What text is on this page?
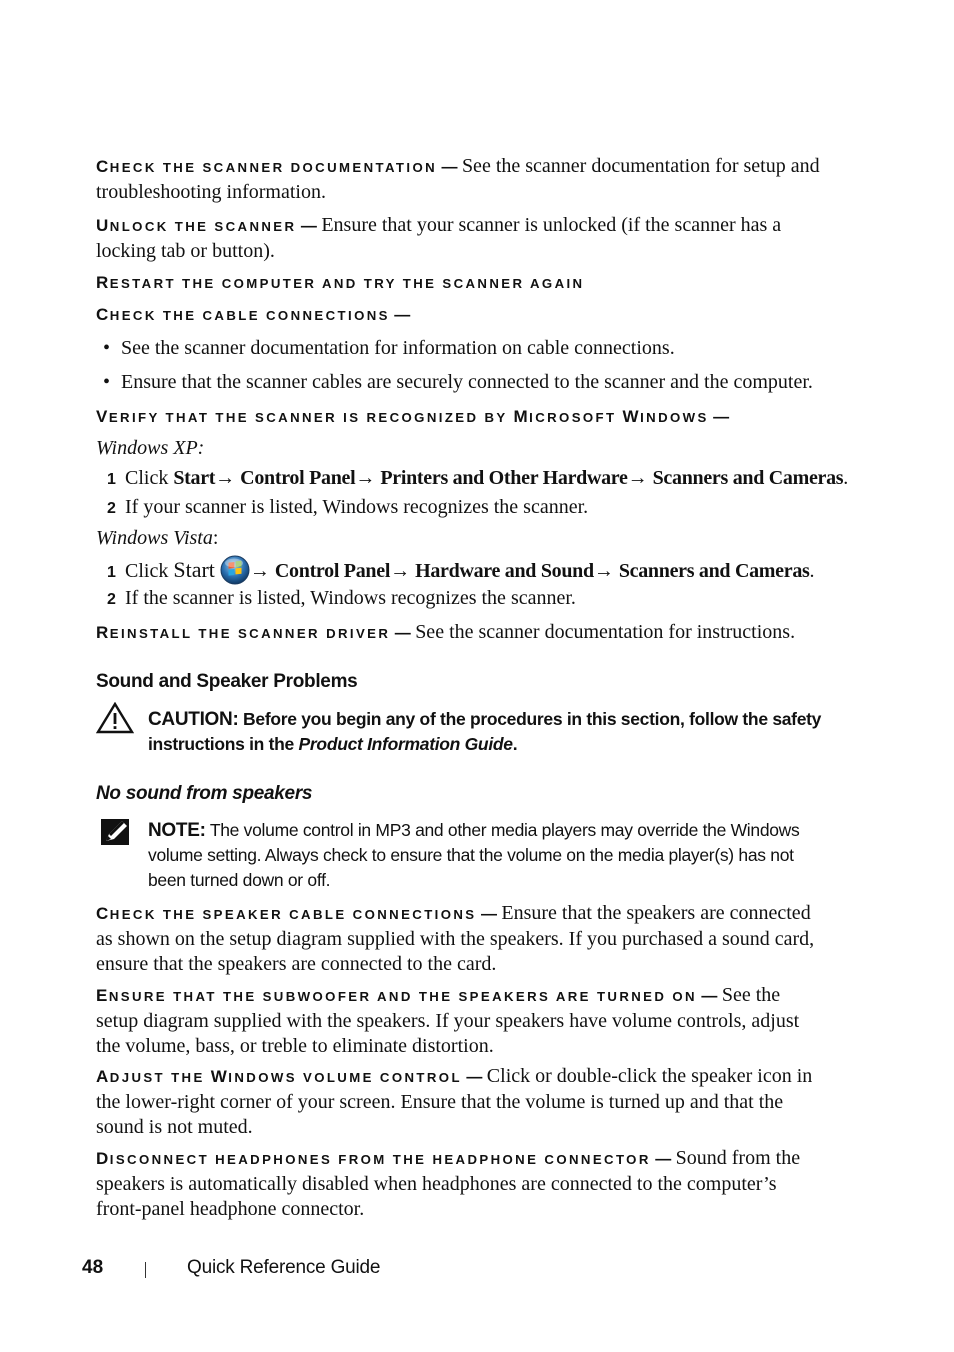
CHECK THE SCANNER DOCUMENTATION — See the scanner documentation for setup and troubleshooting information.

UNLOCK THE SCANNER — Ensure that your scanner is unlocked (if the scanner has a locking tab or button).

RESTART THE COMPUTER AND TRY THE SCANNER AGAIN

CHECK THE CABLE CONNECTIONS —

• See the scanner documentation for information on cable connections.

• Ensure that the scanner cables are securely connected to the scanner and the computer.

VERIFY THAT THE SCANNER IS RECOGNIZED BY MICROSOFT WINDOWS —

Windows XP:

1 Click Start→ Control Panel→ Printers and Other Hardware→ Scanners and Cameras.

2 If your scanner is listed, Windows recognizes the scanner.

Windows Vista:

1 Click Start → Control Panel→ Hardware and Sound→ Scanners and Cameras.

2 If the scanner is listed, Windows recognizes the scanner.

REINSTALL THE SCANNER DRIVER — See the scanner documentation for instructions.

Sound and Speaker Problems

CAUTION: Before you begin any of the procedures in this section, follow the safety instructions in the Product Information Guide.

No sound from speakers

NOTE: The volume control in MP3 and other media players may override the Windows volume setting. Always check to ensure that the volume on the media player(s) has not been turned down or off.

CHECK THE SPEAKER CABLE CONNECTIONS — Ensure that the speakers are connected as shown on the setup diagram supplied with the speakers. If you purchased a sound card, ensure that the speakers are connected to the card.

ENSURE THAT THE SUBWOOFER AND THE SPEAKERS ARE TURNED ON — See the setup diagram supplied with the speakers. If your speakers have volume controls, adjust the volume, bass, or treble to eliminate distortion.

ADJUST THE WINDOWS VOLUME CONTROL — Click or double-click the speaker icon in the lower-right corner of your screen. Ensure that the volume is turned up and that the sound is not muted.

DISCONNECT HEADPHONES FROM THE HEADPHONE CONNECTOR — Sound from the speakers is automatically disabled when headphones are connected to the computer’s front-panel headphone connector.

48	Quick Reference Guide
